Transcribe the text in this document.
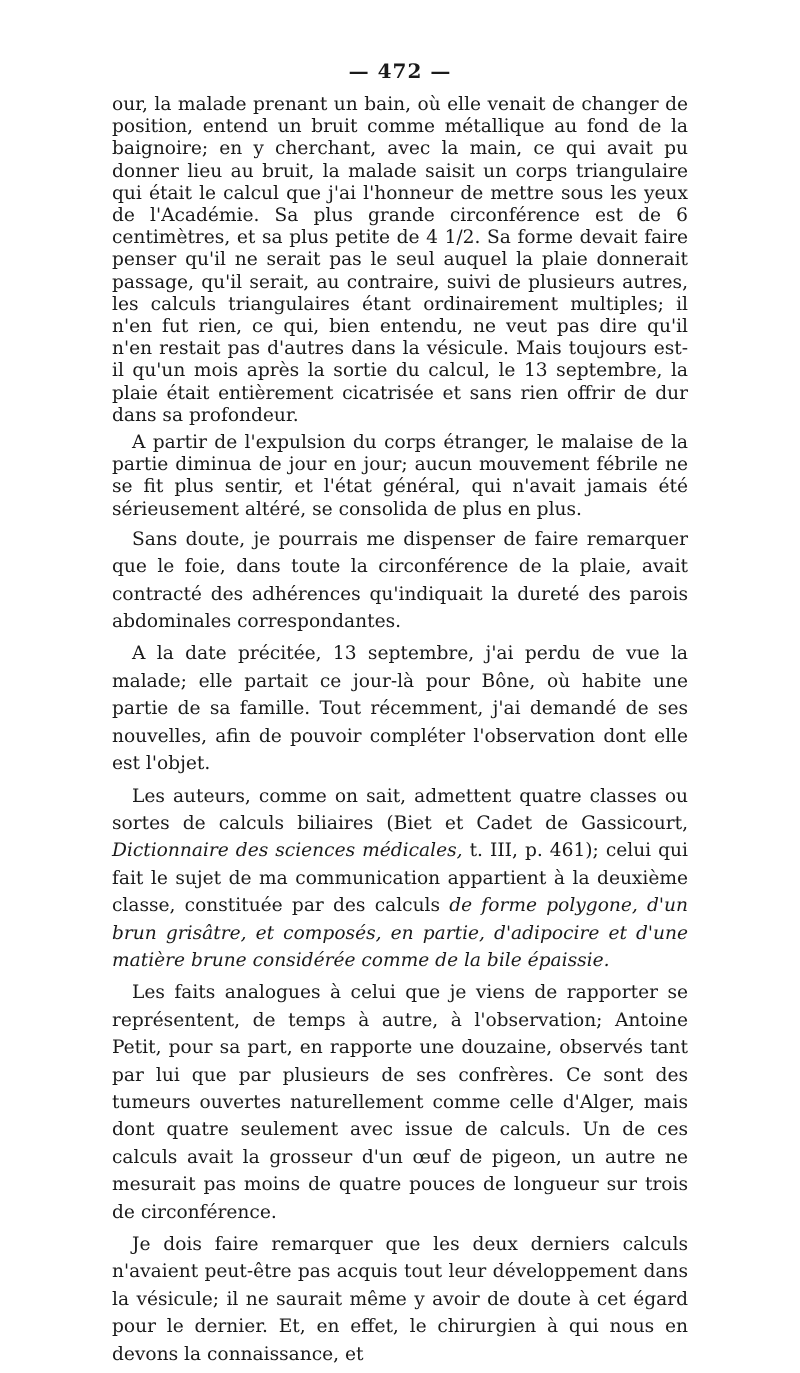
— 472 —

our, la malade prenant un bain, où elle venait de changer de position, entend un bruit comme métallique au fond de la baignoire; en y cherchant, avec la main, ce qui avait pu donner lieu au bruit, la malade saisit un corps triangulaire qui était le calcul que j'ai l'honneur de mettre sous les yeux de l'Académie. Sa plus grande circonférence est de 6 centimètres, et sa plus petite de 4 1/2. Sa forme devait faire penser qu'il ne serait pas le seul auquel la plaie donnerait passage, qu'il serait, au contraire, suivi de plusieurs autres, les calculs triangulaires étant ordinairement multiples; il n'en fut rien, ce qui, bien entendu, ne veut pas dire qu'il n'en restait pas d'autres dans la vésicule. Mais toujours est-il qu'un mois après la sortie du calcul, le 13 septembre, la plaie était entièrement cicatrisée et sans rien offrir de dur dans sa profondeur.

A partir de l'expulsion du corps étranger, le malaise de la partie diminua de jour en jour; aucun mouvement fébrile ne se fit plus sentir, et l'état général, qui n'avait jamais été sérieusement altéré, se consolida de plus en plus.

Sans doute, je pourrais me dispenser de faire remarquer que le foie, dans toute la circonférence de la plaie, avait contracté des adhérences qu'indiquait la dureté des parois abdominales correspondantes.

A la date précitée, 13 septembre, j'ai perdu de vue la malade; elle partait ce jour-là pour Bône, où habite une partie de sa famille. Tout récemment, j'ai demandé de ses nouvelles, afin de pouvoir compléter l'observation dont elle est l'objet.

Les auteurs, comme on sait, admettent quatre classes ou sortes de calculs biliaires (Biet et Cadet de Gassicourt, Dictionnaire des sciences médicales, t. III, p. 461); celui qui fait le sujet de ma communication appartient à la deuxième classe, constituée par des calculs de forme polygone, d'un brun grisâtre, et composés, en partie, d'adipocire et d'une matière brune considérée comme de la bile épaissie.

Les faits analogues à celui que je viens de rapporter se représentent, de temps à autre, à l'observation; Antoine Petit, pour sa part, en rapporte une douzaine, observés tant par lui que par plusieurs de ses confrères. Ce sont des tumeurs ouvertes naturellement comme celle d'Alger, mais dont quatre seulement avec issue de calculs. Un de ces calculs avait la grosseur d'un œuf de pigeon, un autre ne mesurait pas moins de quatre pouces de longueur sur trois de circonférence.

Je dois faire remarquer que les deux derniers calculs n'avaient peut-être pas acquis tout leur développement dans la vésicule; il ne saurait même y avoir de doute à cet égard pour le dernier. Et, en effet, le chirurgien à qui nous en devons la connaissance, et
